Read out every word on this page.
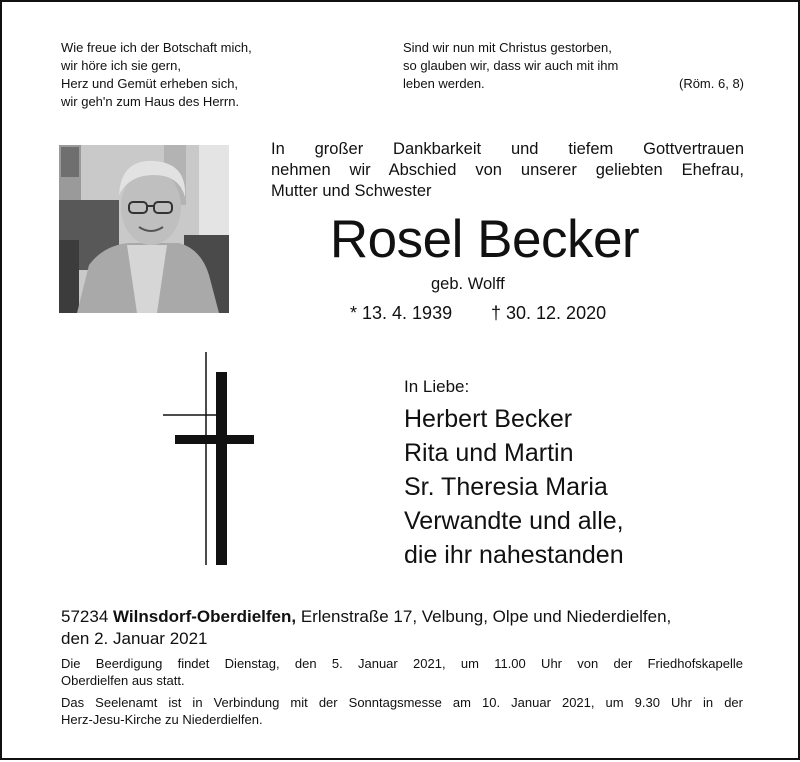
Wie freue ich der Botschaft mich,
wir höre ich sie gern,
Herz und Gemüt erheben sich,
wir geh'n zum Haus des Herrn.
Sind wir nun mit Christus gestorben,
so glauben wir, dass wir auch mit ihm
leben werden.	(Röm. 6, 8)
In großer Dankbarkeit und tiefem Gottvertrauen
nehmen wir Abschied von unserer geliebten Ehefrau,
Mutter und Schwester
Rosel Becker
geb. Wolff
* 13. 4. 1939 † 30. 12. 2020
In Liebe:
Herbert Becker
Rita und Martin
Sr. Theresia Maria
Verwandte und alle,
die ihr nahestanden
57234 Wilnsdorf-Oberdielfen, Erlenstraße 17, Velbung, Olpe und Niederdielfen,
den 2. Januar 2021
Die Beerdigung findet Dienstag, den 5. Januar 2021, um 11.00 Uhr von der Friedhofskapelle
Oberdielfen aus statt.
Das Seelenamt ist in Verbindung mit der Sonntagsmesse am 10. Januar 2021, um 9.30 Uhr in der
Herz-Jesu-Kirche zu Niederdielfen.
